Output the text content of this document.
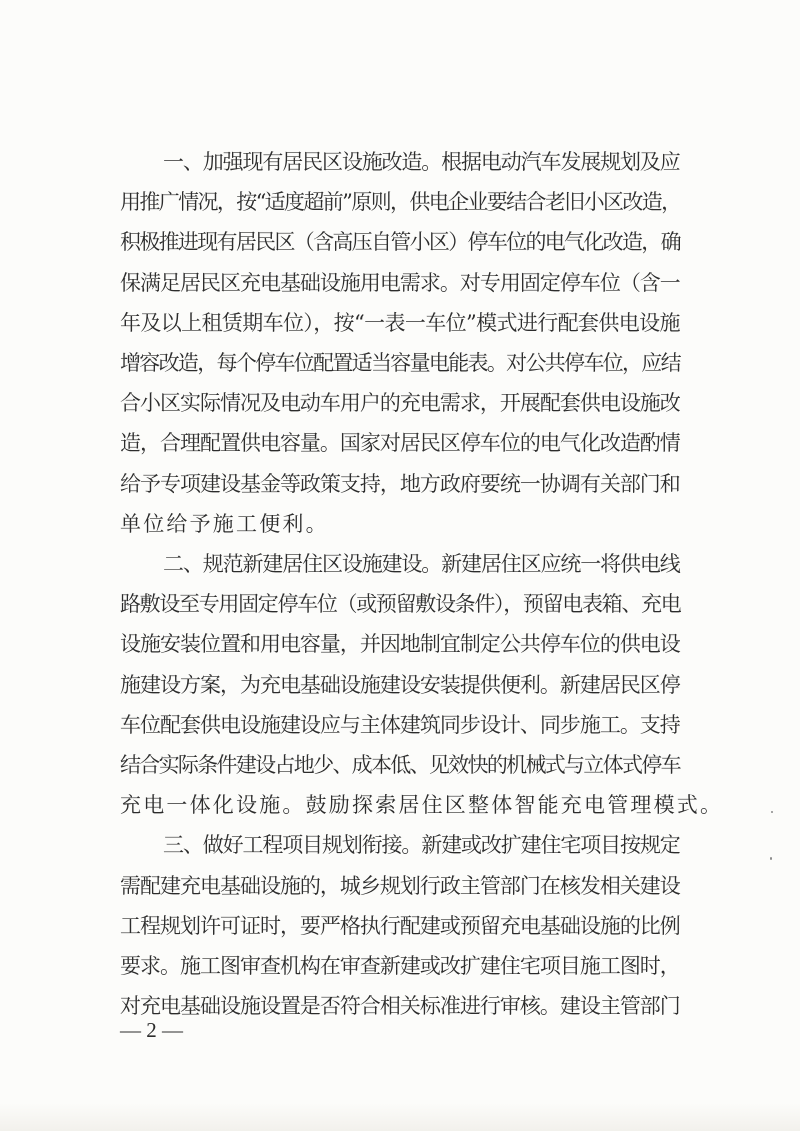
一、加强现有居民区设施改造。根据电动汽车发展规划及应
用推广情况，按“适度超前”原则，供电企业要结合老旧小区改造，
积极推进现有居民区（含高压自管小区）停车位的电气化改造，确
保满足居民区充电基础设施用电需求。对专用固定停车位（含一
年及以上租赁期车位），按“一表一车位”模式进行配套供电设施
增容改造，每个停车位配置适当容量电能表。对公共停车位，应结
合小区实际情况及电动车用户的充电需求，开展配套供电设施改
造，合理配置供电容量。国家对居民区停车位的电气化改造酌情
给予专项建设基金等政策支持，地方政府要统一协调有关部门和
单位给予施工便利。
二、规范新建居住区设施建设。新建居住区应统一将供电线
路敷设至专用固定停车位（或预留敷设条件），预留电表箱、充电
设施安装位置和用电容量，并因地制宜制定公共停车位的供电设
施建设方案，为充电基础设施建设安装提供便利。新建居民区停
车位配套供电设施建设应与主体建筑同步设计、同步施工。支持
结合实际条件建设占地少、成本低、见效快的机械式与立体式停车
充电一体化设施。鼓励探索居住区整体智能充电管理模式。
三、做好工程项目规划衔接。新建或改扩建住宅项目按规定
需配建充电基础设施的，城乡规划行政主管部门在核发相关建设
工程规划许可证时，要严格执行配建或预留充电基础设施的比例
要求。施工图审查机构在审查新建或改扩建住宅项目施工图时，
对充电基础设施设置是否符合相关标准进行审核。建设主管部门
— 2 —
